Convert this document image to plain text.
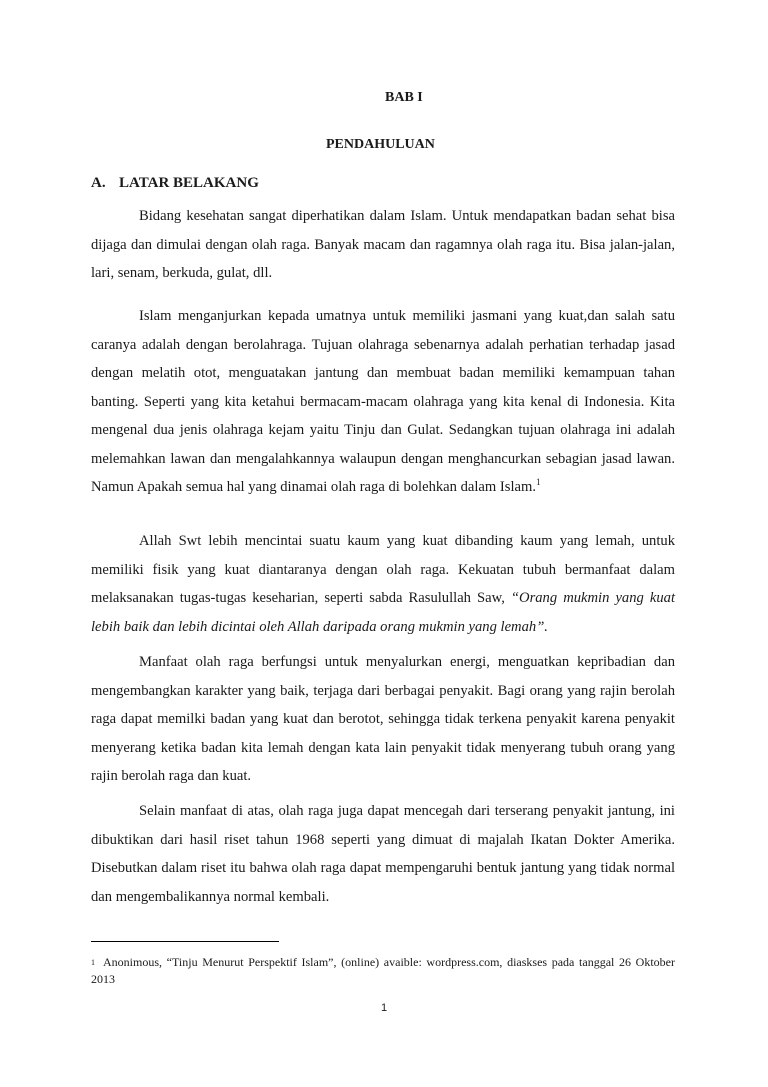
BAB I
PENDAHULUAN
A. LATAR BELAKANG

Bidang kesehatan sangat diperhatikan dalam Islam. Untuk mendapatkan badan sehat bisa dijaga dan dimulai dengan olah raga. Banyak macam dan ragamnya olah raga itu. Bisa jalan-jalan, lari, senam, berkuda, gulat, dll.

Islam menganjurkan kepada umatnya untuk memiliki jasmani yang kuat,dan salah satu caranya adalah dengan berolahraga. Tujuan olahraga sebenarnya adalah perhatian terhadap jasad dengan melatih otot, menguatakan jantung dan membuat badan memiliki kemampuan tahan banting. Seperti yang kita ketahui bermacam-macam olahraga yang kita kenal di Indonesia. Kita mengenal dua jenis olahraga kejam yaitu Tinju dan Gulat. Sedangkan tujuan olahraga ini adalah melemahkan lawan dan mengalahkannya walaupun dengan menghancurkan sebagian jasad lawan. Namun Apakah semua hal yang dinamai olah raga di bolehkan dalam Islam.$^1$

Allah Swt lebih mencintai suatu kaum yang kuat dibanding kaum yang lemah, untuk memiliki fisik yang kuat diantaranya dengan olah raga. Kekuatan tubuh bermanfaat dalam melaksanakan tugas-tugas keseharian, seperti sabda Rasulullah Saw, “Orang mukmin yang kuat lebih baik dan lebih dicintai oleh Allah daripada orang mukmin yang lemah”.

Manfaat olah raga berfungsi untuk menyalurkan energi, menguatkan kepribadian dan mengembangkan karakter yang baik, terjaga dari berbagai penyakit. Bagi orang yang rajin berolah raga dapat memilki badan yang kuat dan berotot, sehingga tidak terkena penyakit karena penyakit menyerang ketika badan kita lemah dengan kata lain penyakit tidak menyerang tubuh orang yang rajin berolah raga dan kuat.

Selain manfaat di atas, olah raga juga dapat mencegah dari terserang penyakit jantung, ini dibuktikan dari hasil riset tahun 1968 seperti yang dimuat di majalah Ikatan Dokter Amerika. Disebutkan dalam riset itu bahwa olah raga dapat mempengaruhi bentuk jantung yang tidak normal dan mengembalikannya normal kembali.

$^1$ Anonimous, “Tinju Menurut Perspektif Islam”, (online) avaible: wordpress.com, diaskses pada tanggal 26 Oktober 2013
1
